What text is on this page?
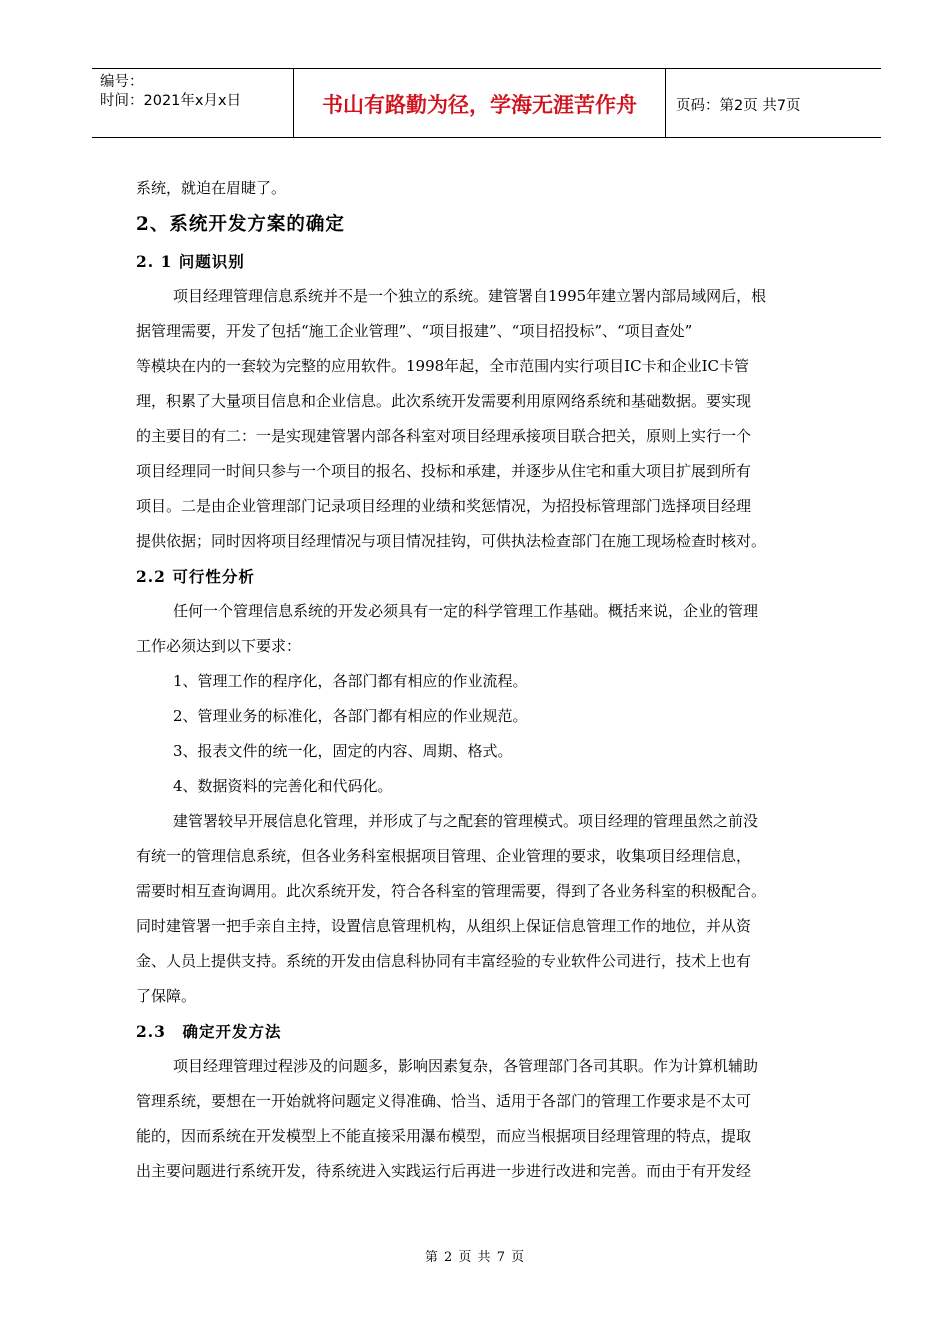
编号：
时间：2021年x月x日	书山有路勤为径，学海无涯苦作舟	页码：第2页 共7页
系统，就迫在眉睫了。
2、系统开发方案的确定
2. 1 问题识别
项目经理管理信息系统并不是一个独立的系统。建管署自1995年建立署内部局域网后，根
据管理需要，开发了包括“施工企业管理”、“项目报建”、“项目招投标”、“项目查处”
等模块在内的一套较为完整的应用软件。1998年起，全市范围内实行项目IC卡和企业IC卡管
理，积累了大量项目信息和企业信息。此次系统开发需要利用原网络系统和基础数据。要实现
的主要目的有二：一是实现建管署内部各科室对项目经理承接项目联合把关，原则上实行一个
项目经理同一时间只参与一个项目的报名、投标和承建，并逐步从住宅和重大项目扩展到所有
项目。二是由企业管理部门记录项目经理的业绩和奖惩情况，为招投标管理部门选择项目经理
提供依据；同时因将项目经理情况与项目情况挂钩，可供执法检查部门在施工现场检查时核对。
2.2 可行性分析
任何一个管理信息系统的开发必须具有一定的科学管理工作基础。概括来说，企业的管理
工作必须达到以下要求：
1、管理工作的程序化，各部门都有相应的作业流程。
2、管理业务的标准化，各部门都有相应的作业规范。
3、报表文件的统一化，固定的内容、周期、格式。
4、数据资料的完善化和代码化。
建管署较早开展信息化管理，并形成了与之配套的管理模式。项目经理的管理虽然之前没
有统一的管理信息系统，但各业务科室根据项目管理、企业管理的要求，收集项目经理信息，
需要时相互查询调用。此次系统开发，符合各科室的管理需要，得到了各业务科室的积极配合。
同时建管署一把手亲自主持，设置信息管理机构，从组织上保证信息管理工作的地位，并从资
金、人员上提供支持。系统的开发由信息科协同有丰富经验的专业软件公司进行，技术上也有
了保障。
2.3　确定开发方法
项目经理管理过程涉及的问题多，影响因素复杂，各管理部门各司其职。作为计算机辅助
管理系统，要想在一开始就将问题定义得准确、恰当、适用于各部门的管理工作要求是不太可
能的，因而系统在开发模型上不能直接采用瀑布模型，而应当根据项目经理管理的特点，提取
出主要问题进行系统开发，待系统进入实践运行后再进一步进行改进和完善。而由于有开发经
第 2 页 共 7 页
